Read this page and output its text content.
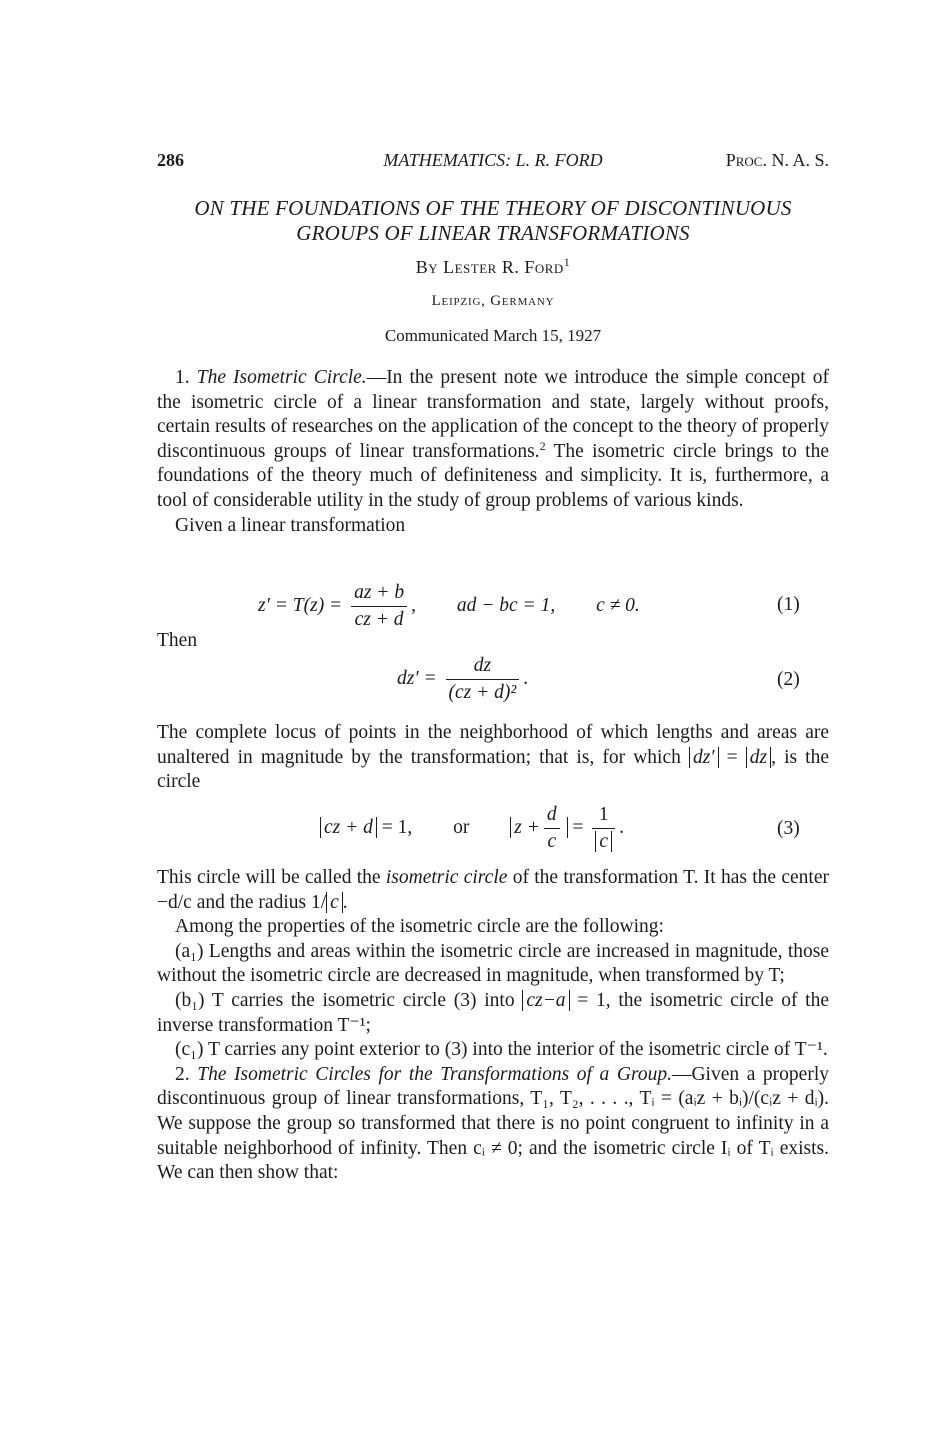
286	MATHEMATICS: L. R. FORD	Proc. N. A. S.
ON THE FOUNDATIONS OF THE THEORY OF DISCONTINUOUS
GROUPS OF LINEAR TRANSFORMATIONS
By Lester R. Ford$^1$
Leipzig, Germany
Communicated March 15, 1927

1. The Isometric Circle.—In the present note we introduce the simple concept of the isometric circle of a linear transformation and state, largely without proofs, certain results of researches on the application of the concept to the theory of properly discontinuous groups of linear transformations.$^2$ The isometric circle brings to the foundations of the theory much of definiteness and simplicity. It is, furthermore, a tool of considerable utility in the study of group problems of various kinds.

Given a linear transformation

$z' = T(z) = \frac{az + b}{cz + d}$ , ad − bc = 1, c ≠ 0.	(1)
Then
$dz' = \frac{dz}{\text{(cz + d)²}}$ .	(2)

The complete locus of points in the neighborhood of which lengths and areas are unaltered in magnitude by the transformation; that is, for which dz′ = dz , is the circle

cz + d = 1, or $z + \frac{d}{c} = \frac{1}{c}$ .	(3)

This circle will be called the isometric circle of the transformation T. It has the center −d/c and the radius 1/ c .

Among the properties of the isometric circle are the following:

(a₁) Lengths and areas within the isometric circle are increased in magnitude, those without the isometric circle are decreased in magnitude, when transformed by T;

(b₁) T carries the isometric circle (3) into cz−a = 1, the isometric circle of the inverse transformation T⁻¹;

(c₁) T carries any point exterior to (3) into the interior of the isometric circle of T⁻¹.

2. The Isometric Circles for the Transformations of a Group.—Given a properly discontinuous group of linear transformations, T₁, T₂, . . . ., Tᵢ = (aᵢz + bᵢ)/(cᵢz + dᵢ). We suppose the group so transformed that there is no point congruent to infinity in a suitable neighborhood of infinity. Then cᵢ ≠ 0; and the isometric circle Iᵢ of Tᵢ exists. We can then show that:
